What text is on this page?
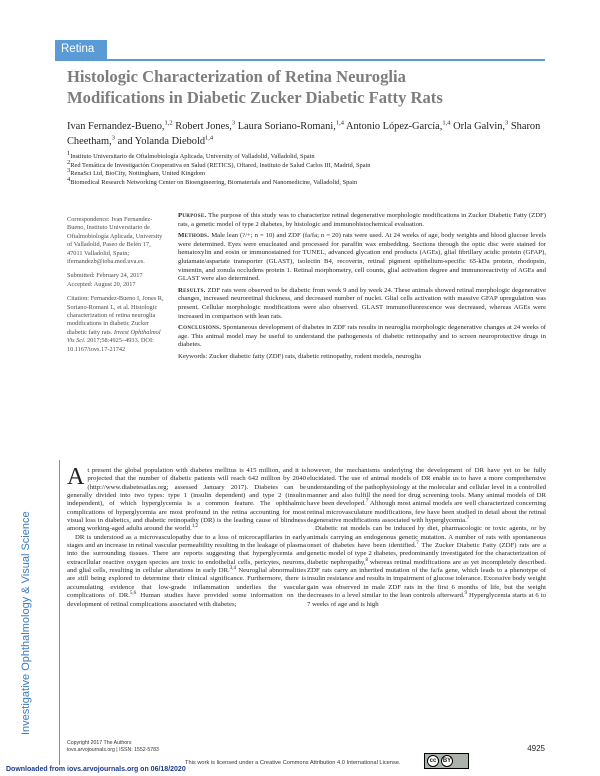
Retina
Histologic Characterization of Retina Neuroglia
Modifications in Diabetic Zucker Diabetic Fatty Rats

Ivan Fernandez-Bueno,$^{1,2}$ Robert Jones,$^3$ Laura Soriano-Romani,$^{1,4}$ Antonio López-García,$^{1,4}$ Orla Galvin,$^3$ Sharon Cheetham,$^3$ and Yolanda Diebold$^{1,4}$

$^1$Instituto Universitario de Oftalmobiología Aplicada, University of Valladolid, Valladolid, Spain

$^2$Red Temática de Investigación Cooperativa en Salud (RETICS), Oftared, Instituto de Salud Carlos III, Madrid, Spain

$^3$RenaSci Ltd, BioCity, Nottingham, United Kingdom

$^4$Biomedical Research Networking Center on Bioengineering, Biomaterials and Nanomedicine, Valladolid, Spain

Correspondence: Ivan Fernandez-Bueno, Instituto Universitario de Oftalmobiología Aplicada, University of Valladolid, Paseo de Belén 17, 47011 Valladolid, Spain; ifernandezb@ioba.med.uva.es.

Submitted: February 24, 2017

Accepted: August 20, 2017

Citation: Fernandez-Bueno I, Jones R, Soriano-Romani L, et al. Histologic characterization of retina neuroglia modifications in diabetic Zucker diabetic fatty rats. Invest Ophthalmol Vis Sci. 2017;58:4925–4933. DOI: 10.1167/iovs.17-21742

Purpose. The purpose of this study was to characterize retinal degenerative morphologic modifications in Zucker Diabetic Fatty (ZDF) rats, a genetic model of type 2 diabetes, by histologic and immunohistochemical evaluation.

Methods. Male lean (?/+; n = 10) and ZDF (fa/fa; n = 20) rats were used. At 24 weeks of age, body weights and blood glucose levels were determined. Eyes were enucleated and processed for paraffin wax embedding. Sections through the optic disc were stained for hematoxylin and eosin or immunostained for TUNEL, advanced glycation end products (AGEs), glial fibrillary acidic protein (GFAP), glutamate/aspartate transporter (GLAST), isolectin B4, recoverin, retinal pigment epithelium-specific 65-kDa protein, rhodopsin, vimentin, and zonula occludens protein 1. Retinal morphometry, cell counts, glial activation degree and immunoreactivity of AGEs and GLAST were also determined.

Results. ZDF rats were observed to be diabetic from week 9 and by week 24. These animals showed retinal morphologic degenerative changes, increased neuroretinal thickness, and decreased number of nuclei. Glial cells activation with massive GFAP upregulation was present. Cellular morphologic modifications were also observed. GLAST immunofluorescence was decreased, whereas AGEs were increased in comparison with lean rats.

Conclusions. Spontaneous development of diabetes in ZDF rats results in neuroglia morphologic degenerative changes at 24 weeks of age. This animal model may be useful to understand the pathogenesis of diabetic retinopathy and to screen neuroprotective drugs in diabetes.

Keywords: Zucker diabetic fatty (ZDF) rats, diabetic retinopathy, rodent models, neuroglia

Investigative Ophthalmology & Visual Science

At present the global population with diabetes mellitus is 415 million, and it is projected that the number of diabetic patients will reach 642 million by 2040 (http://www.diabetesatlas.org; assessed January 2017). Diabetes can be generally divided into two types: type 1 (insulin dependent) and type 2 (insulin independent), of which hyperglycemia is a common feature. The ophthalmic complications of hyperglycemia are most profound in the retina accounting for most visual loss in diabetics, and diabetic retinopathy (DR) is the leading cause of blindness among working-aged adults around the world.$^{1,2}$

DR is understood as a microvasculopathy due to a loss of microcapillaries in early stages and an increase in retinal vascular permeability resulting in the leakage of plasma into the surrounding tissues. There are reports suggesting that hyperglycemia and extracellular reactive oxygen species are toxic to endothelial cells, pericytes, neurons, and glial cells, resulting in cellular alterations in early DR.$^{3,4}$ Neuroglial abnormalities are still being explored to determine their clinical significance. Furthermore, there is accumulating evidence that low-grade inflammation underlies the vascular complications of DR.$^{5,6}$ Human studies have provided some information on the development of retinal complications associated with diabetes;

however, the mechanisms underlying the development of DR have yet to be fully elucidated. The use of animal models of DR enable us to have a more comprehensive understanding of the pathophysiology at the molecular and cellular level in a controlled manner and also fulfill the need for drug screening tools. Many animal models of DR have been developed.$^7$ Although most animal models are well characterized concerning retinal microvasculature modifications, few have been studied in detail about the retinal degenerative modifications associated with hyperglycemia.$^7$

Diabetic rat models can be induced by diet, pharmacologic or toxic agents, or by animals carrying an endogenous genetic mutation. A number of rats with spontaneous onset of diabetes have been identified.$^7$ The Zucker Diabetic Fatty (ZDF) rats are a genetic model of type 2 diabetes, predominantly investigated for the characterization of diabetic nephropathy,$^8$ whereas retinal modifications are as yet incompletely described. ZDF rats carry an inherited mutation of the fa/fa gene, which leads to a phenotype of insulin resistance and results in impairment of glucose tolerance. Excessive body weight gain was observed in male ZDF rats in the first 6 months of life, but the weight decreases to a level similar to the lean controls afterward.$^9$ Hyperglycemia starts at 6 to 7 weeks of age and is high

Copyright 2017 The Authors
iovs.arvojournals.org | ISSN: 1552-5783	4925
This work is licensed under a Creative Commons Attribution 4.0 International License.	cc	BY
Downloaded from iovs.arvojournals.org on 06/18/2020
